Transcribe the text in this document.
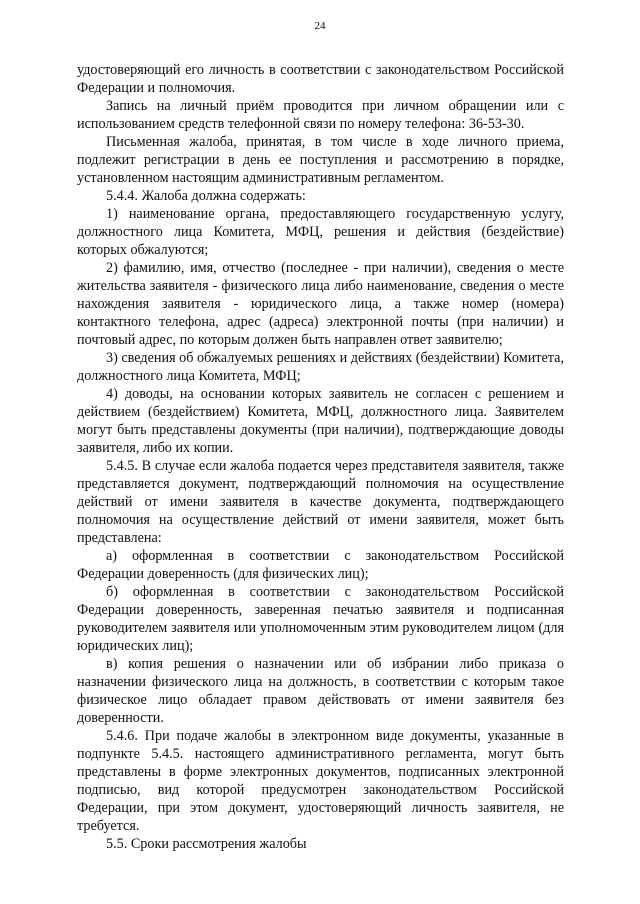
24

удостоверяющий его личность в соответствии с законодательством Российской Федерации и полномочия.

Запись на личный приём проводится при личном обращении или с использованием средств телефонной связи по номеру телефона: 36-53-30.

Письменная жалоба, принятая, в том числе в ходе личного приема, подлежит регистрации в день ее поступления и рассмотрению в порядке, установленном настоящим административным регламентом.

5.4.4. Жалоба должна содержать:

1) наименование органа, предоставляющего государственную услугу, должностного лица Комитета, МФЦ, решения и действия (бездействие) которых обжалуются;

2) фамилию, имя, отчество (последнее - при наличии), сведения о месте жительства заявителя - физического лица либо наименование, сведения о месте нахождения заявителя - юридического лица, а также номер (номера) контактного телефона, адрес (адреса) электронной почты (при наличии) и почтовый адрес, по которым должен быть направлен ответ заявителю;

3) сведения об обжалуемых решениях и действиях (бездействии) Комитета, должностного лица Комитета, МФЦ;

4) доводы, на основании которых заявитель не согласен с решением и действием (бездействием) Комитета, МФЦ, должностного лица. Заявителем могут быть представлены документы (при наличии), подтверждающие доводы заявителя, либо их копии.

5.4.5. В случае если жалоба подается через представителя заявителя, также представляется документ, подтверждающий полномочия на осуществление действий от имени заявителя в качестве документа, подтверждающего полномочия на осуществление действий от имени заявителя, может быть представлена:

а) оформленная в соответствии с законодательством Российской Федерации доверенность (для физических лиц);

б) оформленная в соответствии с законодательством Российской Федерации доверенность, заверенная печатью заявителя и подписанная руководителем заявителя или уполномоченным этим руководителем лицом (для юридических лиц);

в) копия решения о назначении или об избрании либо приказа о назначении физического лица на должность, в соответствии с которым такое физическое лицо обладает правом действовать от имени заявителя без доверенности.

5.4.6. При подаче жалобы в электронном виде документы, указанные в подпункте 5.4.5. настоящего административного регламента, могут быть представлены в форме электронных документов, подписанных электронной подписью, вид которой предусмотрен законодательством Российской Федерации, при этом документ, удостоверяющий личность заявителя, не требуется.

5.5. Сроки рассмотрения жалобы
